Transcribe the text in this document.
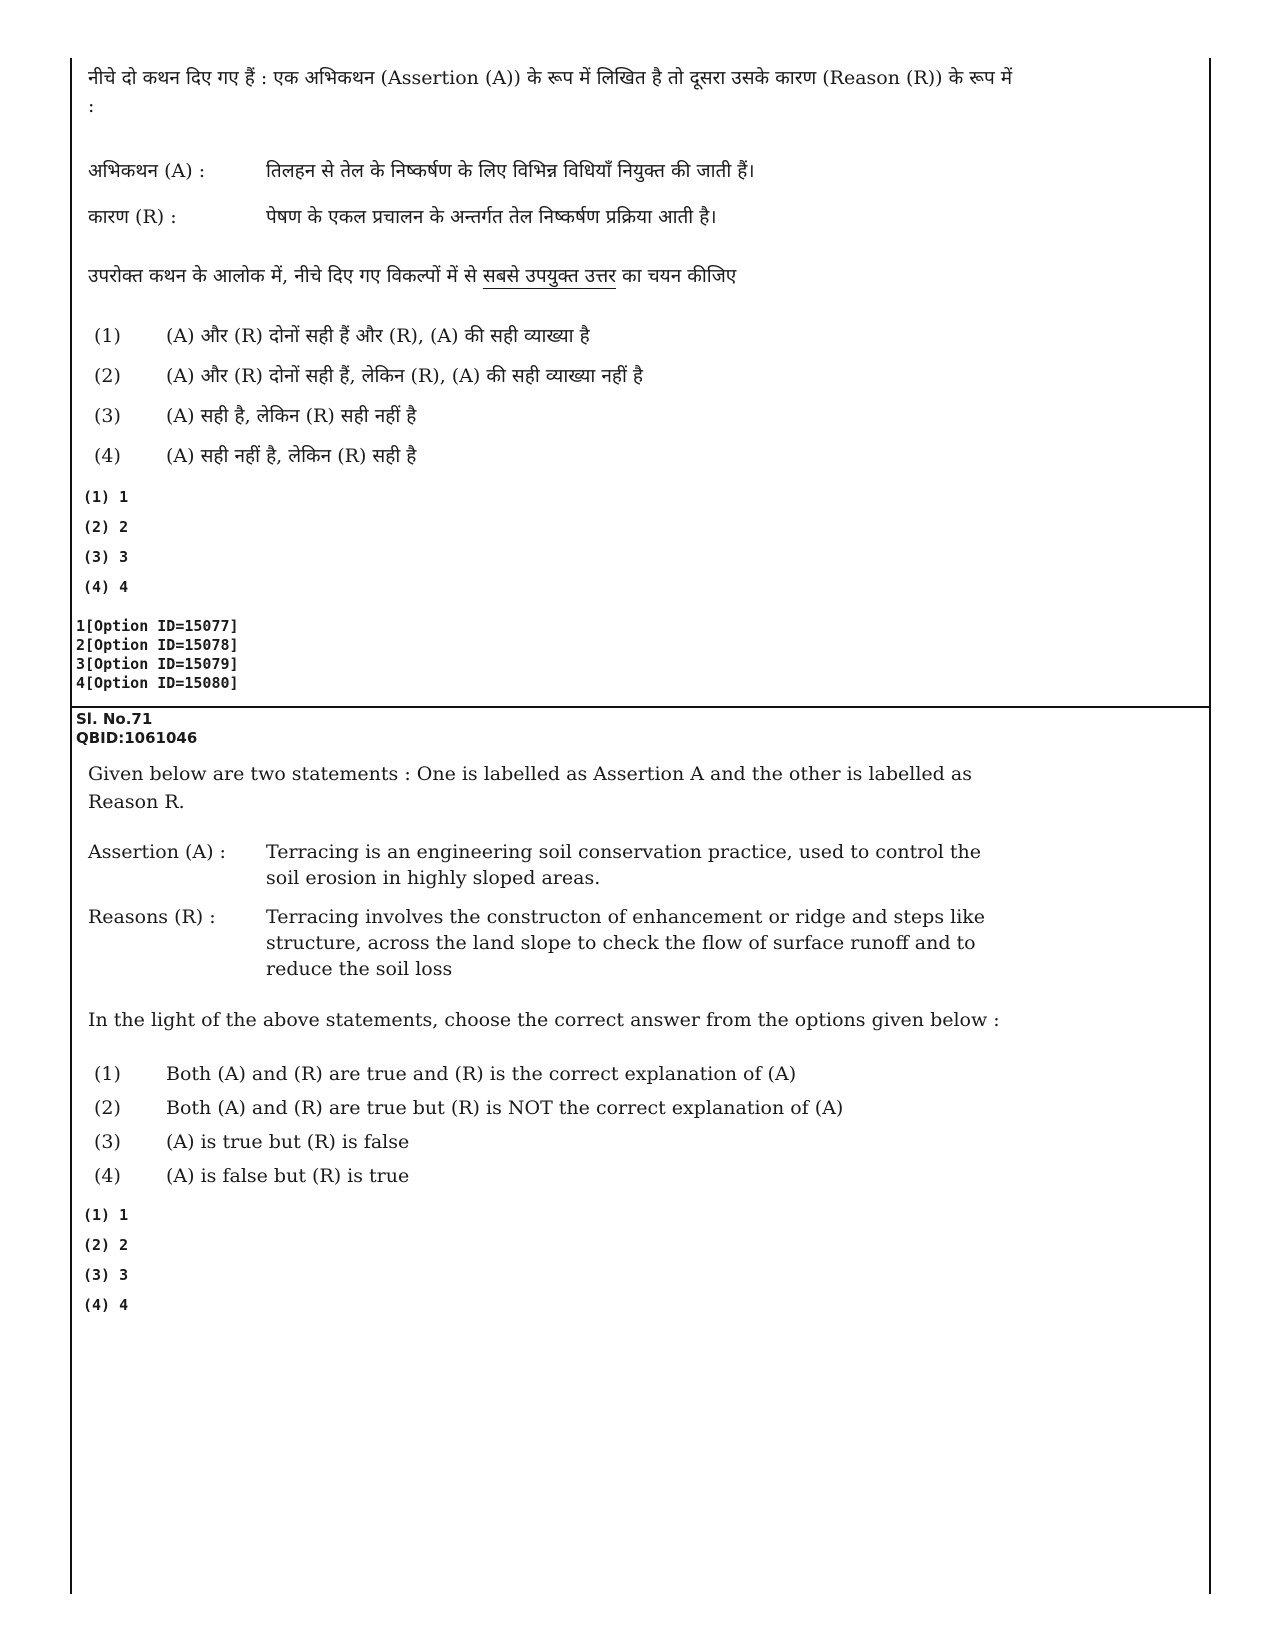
नीचे दो कथन दिए गए हैं : एक अभिकथन (Assertion (A)) के रूप में लिखित है तो दूसरा उसके कारण (Reason (R)) के रूप में :
अभिकथन (A) :	तिलहन से तेल के निष्कर्षण के लिए विभिन्न विधियाँ नियुक्त की जाती हैं।
कारण (R) :	पेषण के एकल प्रचालन के अन्तर्गत तेल निष्कर्षण प्रक्रिया आती है।
उपरोक्त कथन के आलोक में, नीचे दिए गए विकल्पों में से सबसे उपयुक्त उत्तर का चयन कीजिए
(1)	(A) और (R) दोनों सही हैं और (R), (A) की सही व्याख्या है
(2)	(A) और (R) दोनों सही हैं, लेकिन (R), (A) की सही व्याख्या नहीं है
(3)	(A) सही है, लेकिन (R) सही नहीं है
(4)	(A) सही नहीं है, लेकिन (R) सही है
(1) 1
(2) 2
(3) 3
(4) 4
1[Option ID=15077]
2[Option ID=15078]
3[Option ID=15079]
4[Option ID=15080]
Sl. No.71
QBID:1061046
Given below are two statements : One is labelled as Assertion A and the other is labelled as Reason R.
Assertion (A) :	Terracing is an engineering soil conservation practice, used to control the soil erosion in highly sloped areas.
Reasons (R) :	Terracing involves the constructon of enhancement or ridge and steps like structure, across the land slope to check the flow of surface runoff and to reduce the soil loss
In the light of the above statements, choose the correct answer from the options given below :
(1)	Both (A) and (R) are true and (R) is the correct explanation of (A)
(2)	Both (A) and (R) are true but (R) is NOT the correct explanation of (A)
(3)	(A) is true but (R) is false
(4)	(A) is false but (R) is true
(1) 1
(2) 2
(3) 3
(4) 4
